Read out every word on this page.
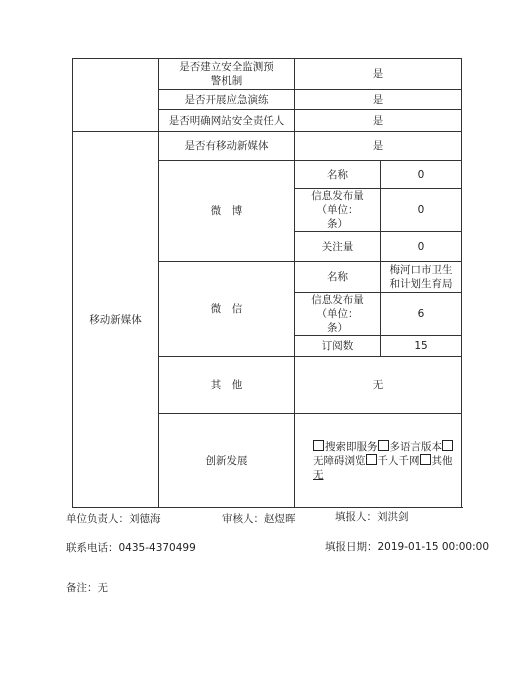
	是否建立安全监测预警机制	是	
	是否开展应急演练	是	
	是否明确网站安全责任人	是	
移动新媒体	是否有移动新媒体	是	
	微　博	名称	0
		信息发布量（单位：条）	0
		关注量	0
	微　信	名称	梅河口市卫生和计划生育局
		信息发布量（单位：条）	6
		订阅数	15
	其　他	无	
	创新发展	搜索即服务 多语言版本无障碍浏览 千人千网 其他
无	
单位负责人：刘德海	审核人：赵煜晖	填报人：刘洪剑
联系电话：0435-4370499	填报日期：2019-01-15 00:00:00
备注：无
